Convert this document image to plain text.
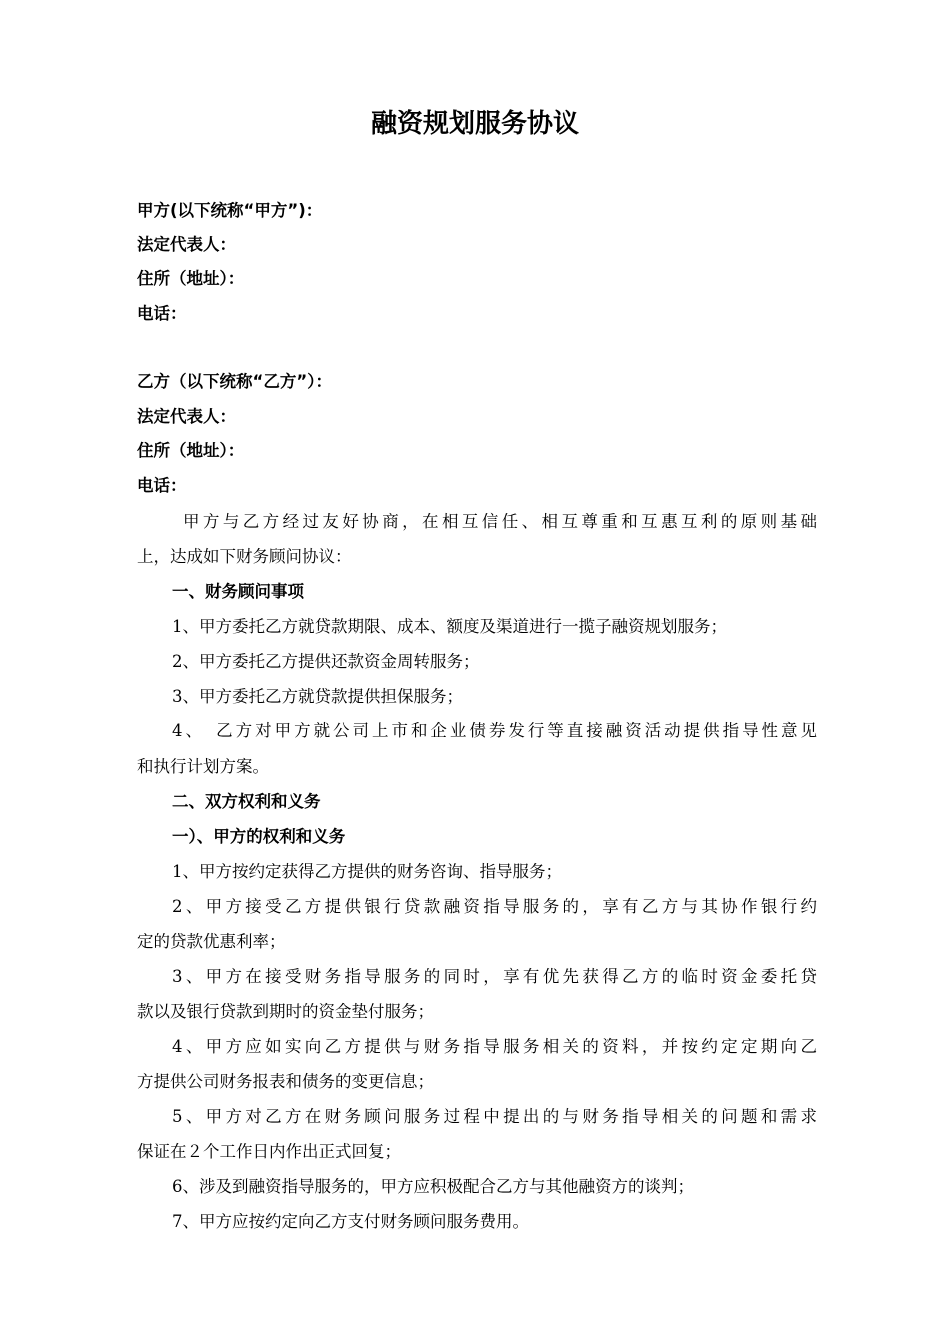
融资规划服务协议
甲方(以下统称“甲方”)：
法定代表人：
住所（地址）：
电话：
乙方（以下统称“乙方”）：
法定代表人：
住所（地址）：
电话：
甲方与乙方经过友好协商，在相互信任、相互尊重和互惠互利的原则基础
上，达成如下财务顾问协议：
一、财务顾问事项
1、甲方委托乙方就贷款期限、成本、额度及渠道进行一揽子融资规划服务；
2、甲方委托乙方提供还款资金周转服务；
3、甲方委托乙方就贷款提供担保服务；
4、　乙方对甲方就公司上市和企业债券发行等直接融资活动提供指导性意见
和执行计划方案。
二、双方权利和义务
一）、甲方的权利和义务
1、甲方按约定获得乙方提供的财务咨询、指导服务；
2、甲方接受乙方提供银行贷款融资指导服务的，享有乙方与其协作银行约
定的贷款优惠利率；
3、甲方在接受财务指导服务的同时，享有优先获得乙方的临时资金委托贷
款以及银行贷款到期时的资金垫付服务；
4、甲方应如实向乙方提供与财务指导服务相关的资料，并按约定定期向乙
方提供公司财务报表和债务的变更信息；
5、甲方对乙方在财务顾问服务过程中提出的与财务指导相关的问题和需求
保证在２个工作日内作出正式回复；
6、涉及到融资指导服务的，甲方应积极配合乙方与其他融资方的谈判；
7、甲方应按约定向乙方支付财务顾问服务费用。
